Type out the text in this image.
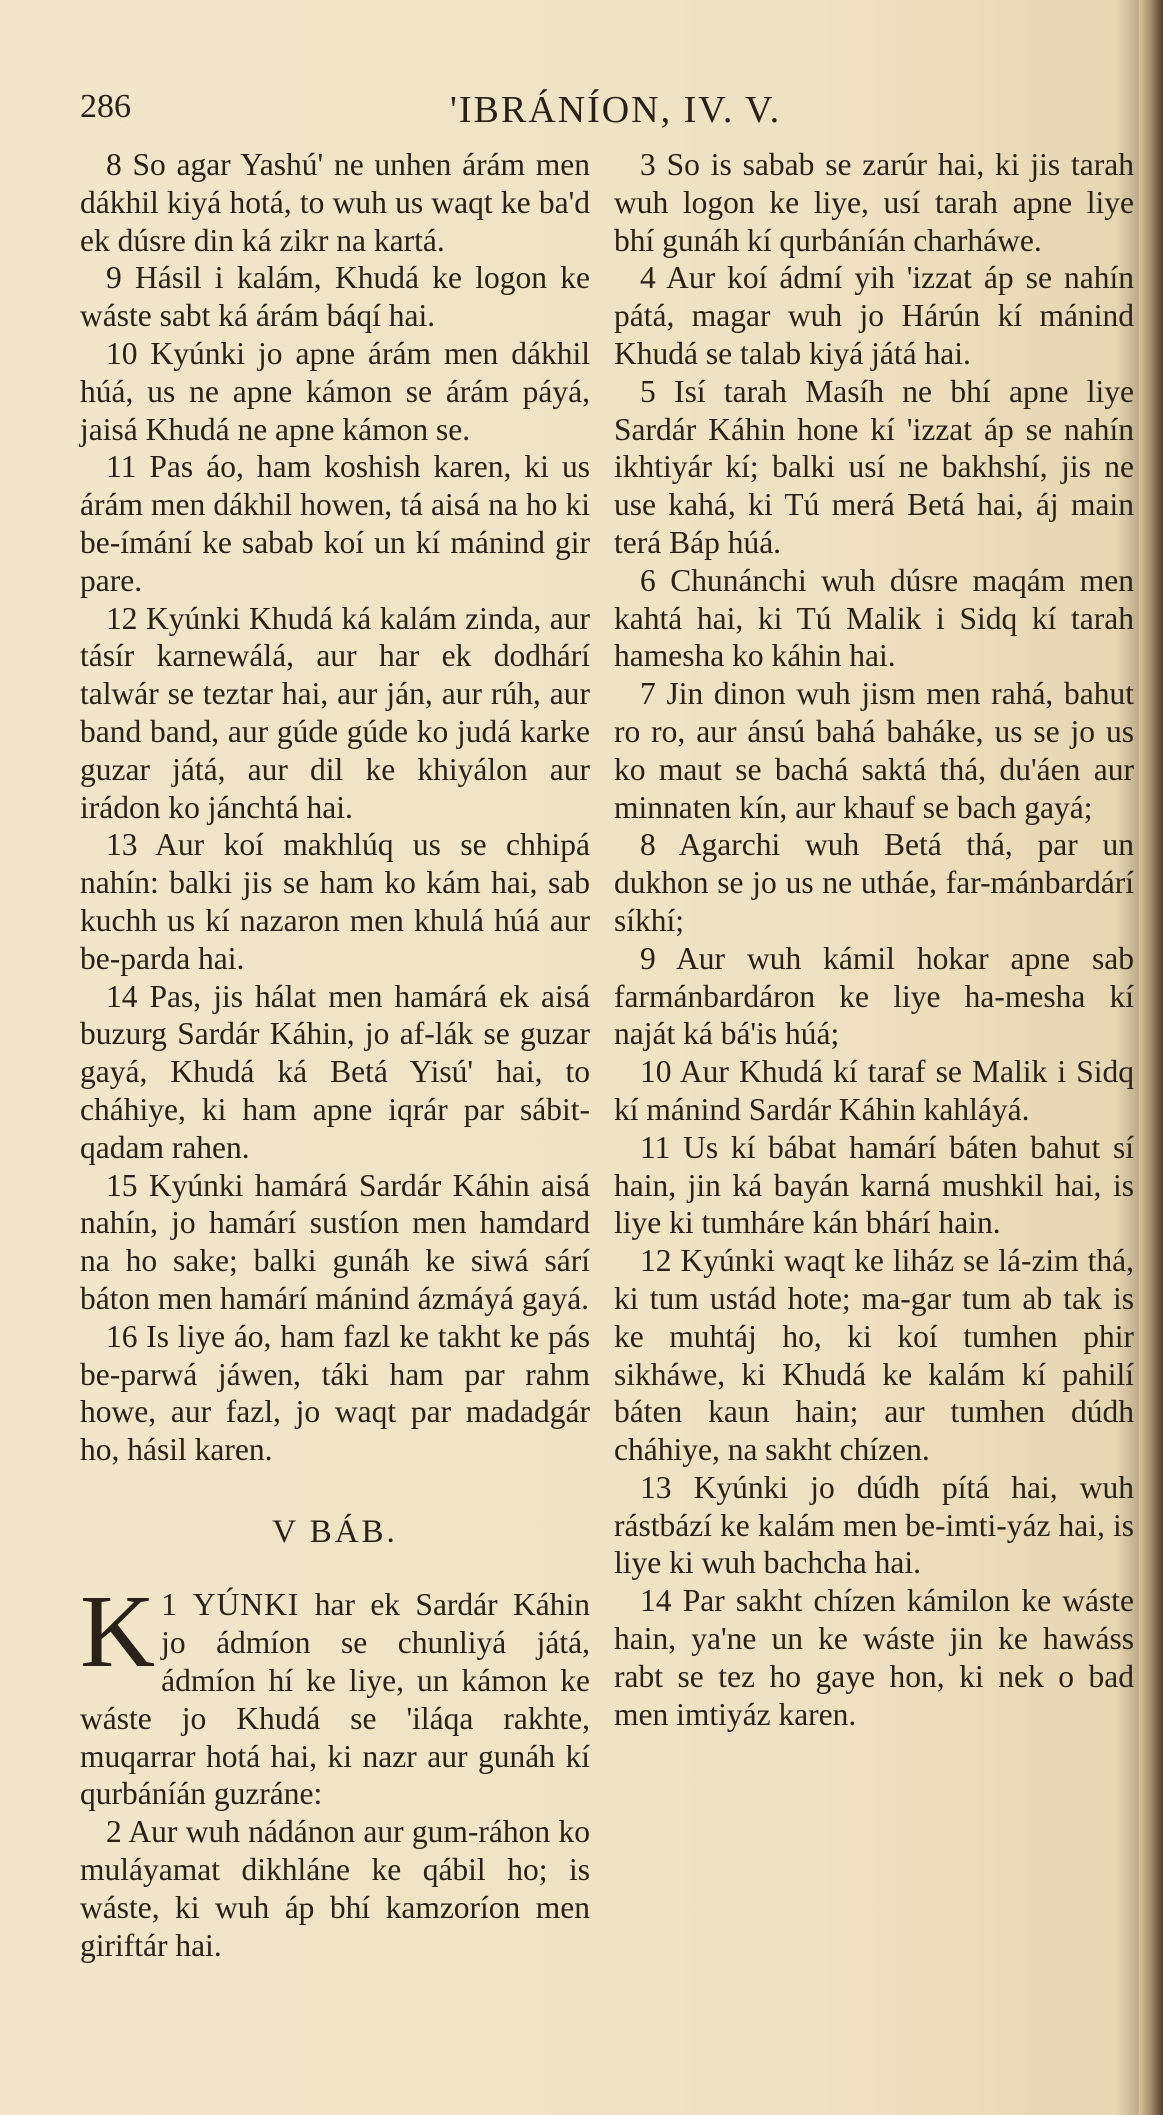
286	'IBRÁNÍON, IV. V.

8 So agar Yashú' ne unhen árám men dákhil kiyá hotá, to wuh us waqt ke ba'd ek dúsre din ká zikr na kartá.

9 Hásil i kalám, Khudá ke logon ke wáste sabt ká árám báqí hai.

10 Kyúnki jo apne árám men dákhil húá, us ne apne kámon se árám páyá, jaisá Khudá ne apne kámon se.

11 Pas áo, ham koshish karen, ki us árám men dákhil howen, tá aisá na ho ki be-ímání ke sabab koí un kí mánind gir pare.

12 Kyúnki Khudá ká kalám zinda, aur tásír karnewálá, aur har ek dodhárí talwár se teztar hai, aur ján, aur rúh, aur band band, aur gúde gúde ko judá karke guzar játá, aur dil ke khiyálon aur irádon ko jánchtá hai.

13 Aur koí makhlúq us se chhipá nahín: balki jis se ham ko kám hai, sab kuchh us kí nazaron men khulá húá aur be-parda hai.

14 Pas, jis hálat men hamárá ek aisá buzurg Sardár Káhin, jo af-lák se guzar gayá, Khudá ká Betá Yisú' hai, to cháhiye, ki ham apne iqrár par sábit-qadam rahen.

15 Kyúnki hamárá Sardár Káhin aisá nahín, jo hamárí sustíon men hamdard na ho sake; balki gunáh ke siwá sárí báton men hamárí mánind ázmáyá gayá.

16 Is liye áo, ham fazl ke takht ke pás be-parwá jáwen, táki ham par rahm howe, aur fazl, jo waqt par madadgár ho, hásil karen.

V BÁB.

1
K YÚNKI har ek Sardár Káhin jo ádmíon se chunliyá játá, ádmíon hí ke liye, un kámon ke wáste jo Khudá se 'iláqa rakhte, muqarrar hotá hai, ki nazr aur gunáh kí qurbáníán guzráne:

2 Aur wuh nádánon aur gum-ráhon ko muláyamat dikhláne ke qábil ho; is wáste, ki wuh áp bhí kamzoríon men giriftár hai.

3 So is sabab se zarúr hai, ki jis tarah wuh logon ke liye, usí tarah apne liye bhí gunáh kí qurbáníán charháwe.

4 Aur koí ádmí yih 'izzat áp se nahín pátá, magar wuh jo Hárún kí mánind Khudá se talab kiyá játá hai.

5 Isí tarah Masíh ne bhí apne liye Sardár Káhin hone kí 'izzat áp se nahín ikhtiyár kí; balki usí ne bakhshí, jis ne use kahá, ki Tú merá Betá hai, áj main terá Báp húá.

6 Chunánchi wuh dúsre maqám men kahtá hai, ki Tú Malik i Sidq kí tarah hamesha ko káhin hai.

7 Jin dinon wuh jism men rahá, bahut ro ro, aur ánsú bahá baháke, us se jo us ko maut se bachá saktá thá, du'áen aur minnaten kín, aur khauf se bach gayá;

8 Agarchi wuh Betá thá, par un dukhon se jo us ne utháe, far-mánbardárí síkhí;

9 Aur wuh kámil hokar apne sab farmánbardáron ke liye ha-mesha kí naját ká bá'is húá;

10 Aur Khudá kí taraf se Malik i Sidq kí mánind Sardár Káhin kahláyá.

11 Us kí bábat hamárí báten bahut sí hain, jin ká bayán karná mushkil hai, is liye ki tumháre kán bhárí hain.

12 Kyúnki waqt ke liház se lá-zim thá, ki tum ustád hote; ma-gar tum ab tak is ke muhtáj ho, ki koí tumhen phir sikháwe, ki Khudá ke kalám kí pahilí báten kaun hain; aur tumhen dúdh cháhiye, na sakht chízen.

13 Kyúnki jo dúdh pítá hai, wuh rástbází ke kalám men be-imti-yáz hai, is liye ki wuh bachcha hai.

14 Par sakht chízen kámilon ke wáste hain, ya'ne un ke wáste jin ke hawáss rabt se tez ho gaye hon, ki nek o bad men imtiyáz karen.
